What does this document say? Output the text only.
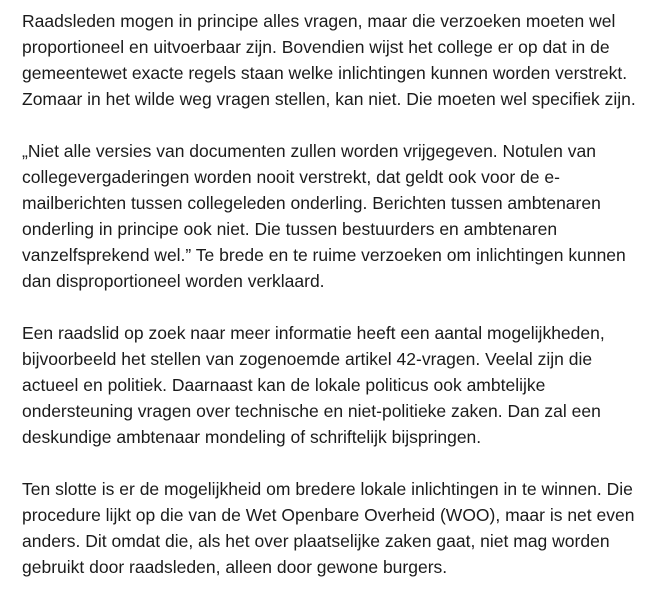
Raadsleden mogen in principe alles vragen, maar die verzoeken moeten wel
proportioneel en uitvoerbaar zijn. Bovendien wijst het college er op dat in de
gemeentewet exacte regels staan welke inlichtingen kunnen worden verstrekt.
Zomaar in het wilde weg vragen stellen, kan niet. Die moeten wel specifiek zijn.

„Niet alle versies van documenten zullen worden vrijgegeven. Notulen van
collegevergaderingen worden nooit verstrekt, dat geldt ook voor de e-
mailberichten tussen collegeleden onderling. Berichten tussen ambtenaren
onderling in principe ook niet. Die tussen bestuurders en ambtenaren
vanzelfsprekend wel.” Te brede en te ruime verzoeken om inlichtingen kunnen
dan disproportioneel worden verklaard.

Een raadslid op zoek naar meer informatie heeft een aantal mogelijkheden,
bijvoorbeeld het stellen van zogenoemde artikel 42-vragen. Veelal zijn die
actueel en politiek. Daarnaast kan de lokale politicus ook ambtelijke
ondersteuning vragen over technische en niet-politieke zaken. Dan zal een
deskundige ambtenaar mondeling of schriftelijk bijspringen.

Ten slotte is er de mogelijkheid om bredere lokale inlichtingen in te winnen. Die
procedure lijkt op die van de Wet Openbare Overheid (WOO), maar is net even
anders. Dit omdat die, als het over plaatselijke zaken gaat, niet mag worden
gebruikt door raadsleden, alleen door gewone burgers.
